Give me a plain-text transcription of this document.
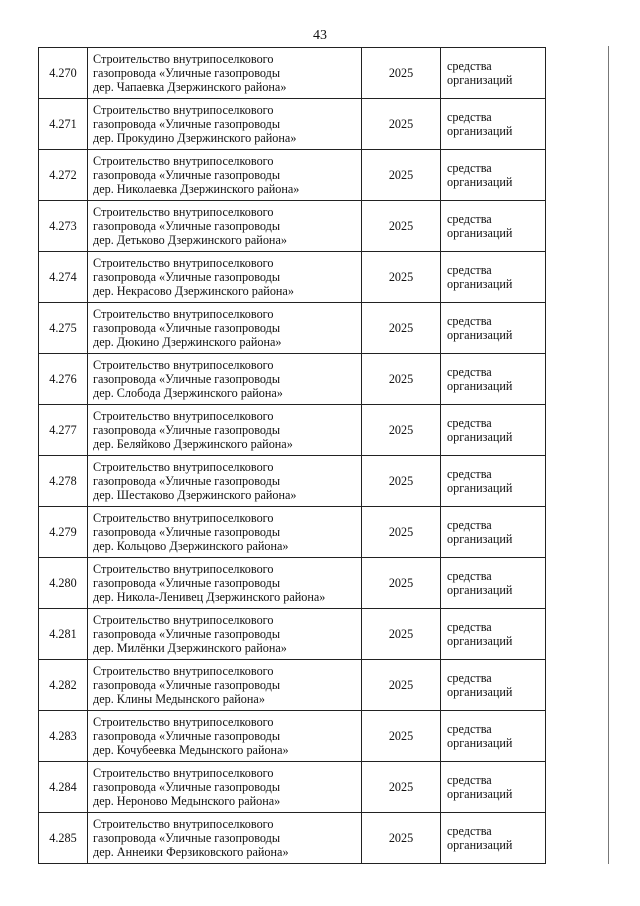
43
4.270	Строительство внутрипоселкового
газопровода «Уличные газопроводы
дер. Чапаевка Дзержинского района»	2025	средства
организаций

4.271	Строительство внутрипоселкового
газопровода «Уличные газопроводы
дер. Прокудино Дзержинского района»	2025	средства
организаций

4.272	Строительство внутрипоселкового
газопровода «Уличные газопроводы
дер. Николаевка Дзержинского района»	2025	средства
организаций

4.273	Строительство внутрипоселкового
газопровода «Уличные газопроводы
дер. Детьково Дзержинского района»	2025	средства
организаций

4.274	Строительство внутрипоселкового
газопровода «Уличные газопроводы
дер. Некрасово Дзержинского района»	2025	средства
организаций

4.275	Строительство внутрипоселкового
газопровода «Уличные газопроводы
дер. Дюкино Дзержинского района»	2025	средства
организаций

4.276	Строительство внутрипоселкового
газопровода «Уличные газопроводы
дер. Слобода Дзержинского района»	2025	средства
организаций

4.277	Строительство внутрипоселкового
газопровода «Уличные газопроводы
дер. Беляйково Дзержинского района»	2025	средства
организаций

4.278	Строительство внутрипоселкового
газопровода «Уличные газопроводы
дер. Шестаково Дзержинского района»	2025	средства
организаций

4.279	Строительство внутрипоселкового
газопровода «Уличные газопроводы
дер. Кольцово Дзержинского района»	2025	средства
организаций

4.280	Строительство внутрипоселкового
газопровода «Уличные газопроводы
дер. Никола-Ленивец Дзержинского района»	2025	средства
организаций

4.281	Строительство внутрипоселкового
газопровода «Уличные газопроводы
дер. Милёнки Дзержинского района»	2025	средства
организаций

4.282	Строительство внутрипоселкового
газопровода «Уличные газопроводы
дер. Клины Медынского района»	2025	средства
организаций

4.283	Строительство внутрипоселкового
газопровода «Уличные газопроводы
дер. Кочубеевка Медынского района»	2025	средства
организаций

4.284	Строительство внутрипоселкового
газопровода «Уличные газопроводы
дер. Нероново Медынского района»	2025	средства
организаций

4.285	Строительство внутрипоселкового
газопровода «Уличные газопроводы
дер. Аннеики Ферзиковского района»	2025	средства
организаций
